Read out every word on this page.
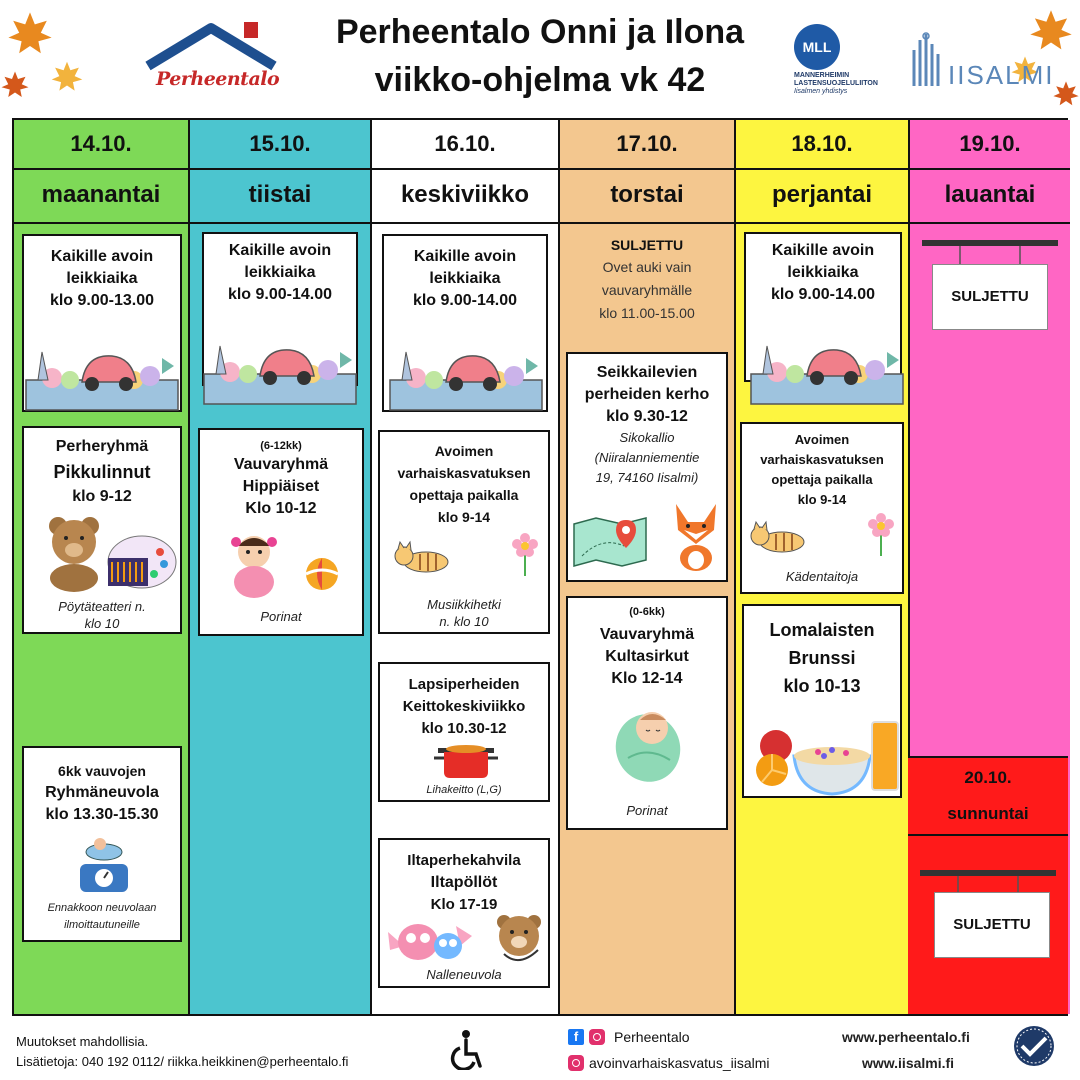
Perheentalo
Perheentalo Onni ja Ilona
viikko-ohjelma vk 42
MLL
MANNERHEIMIN
LASTENSUOJELULIITON
Iisalmen yhdistys
IISALMI
14.10.
maanantai
Kaikille avoin
leikkiaika
klo 9.00-13.00
Perheryhmä
Pikkulinnut
klo 9-12
Pöytäteatteri n.
klo 10
6kk vauvojen
Ryhmäneuvola
klo 13.30-15.30
Ennakkoon neuvolaan
ilmoittautuneille
15.10.
tiistai
Kaikille avoin
leikkiaika
klo 9.00-14.00
(6-12kk)
Vauvaryhmä
Hippiäiset
Klo 10-12
Porinat
16.10.
keskiviikko
Kaikille avoin
leikkiaika
klo 9.00-14.00
Avoimen
varhaiskasvatuksen
opettaja paikalla
klo 9-14
Musiikkihetki
n. klo 10
Lapsiperheiden
Keittokeskiviikko
klo 10.30-12
Lihakeitto (L,G)
Iltaperhekahvila
Iltapöllöt
Klo 17-19
Nalleneuvola
17.10.
torstai
SULJETTU
Ovet auki vain
vauvaryhmälle
klo 11.00-15.00
Seikkailevien
perheiden kerho
klo 9.30-12
Sikokallio
(Niiralanniementie
19, 74160 Iisalmi)
(0-6kk)
Vauvaryhmä
Kultasirkut
Klo 12-14
Porinat
18.10.
perjantai
Kaikille avoin
leikkiaika
klo 9.00-14.00
Avoimen
varhaiskasvatuksen
opettaja paikalla
klo 9-14
Kädentaitoja
Lomalaisten
Brunssi
klo 10-13
19.10.
lauantai
SULJETTU
20.10.
sunnuntai
SULJETTU
Muutokset mahdollisia.
Lisätietoja: 040 192 0112/ riikka.heikkinen@perheentalo.fi
f	Perheentalo
avoinvarhaiskasvatus_iisalmi
www.perheentalo.fi
www.iisalmi.fi
